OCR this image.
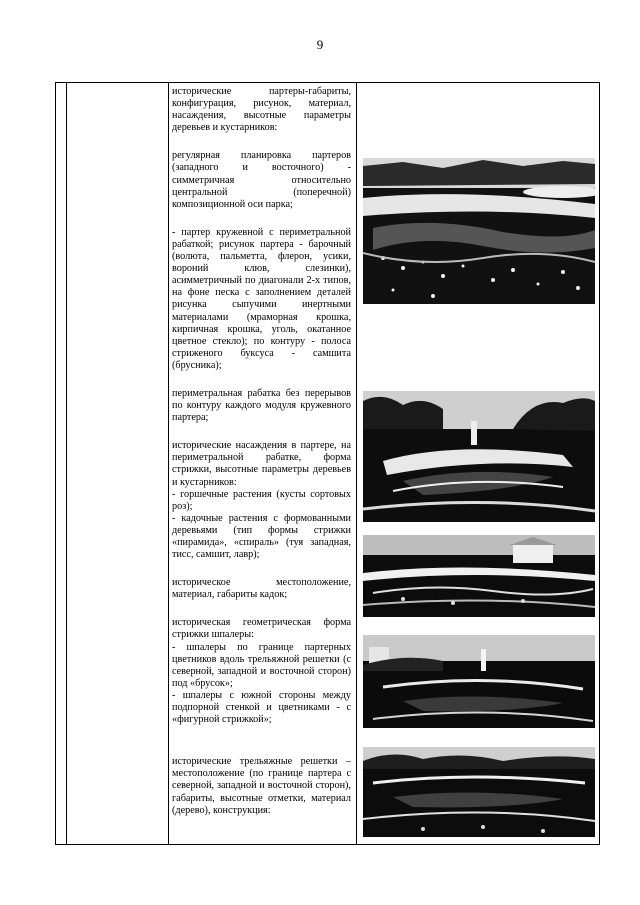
9

исторические партеры-габариты, конфигурация, рисунок, материал, насаждения, высотные параметры деревьев и кустарников:

регулярная планировка партеров (западного и восточного) - симметричная относительно центральной (поперечной) композиционной оси парка;

- партер кружевной с периметральной рабаткой; рисунок партера - барочный (волюта, пальметта, флерон, усики, вороний клюв, слезинки), асимметричный по диагонали 2-х типов, на фоне песка с заполнением деталей рисунка сыпучими инертными материалами (мраморная крошка, кирпичная крошка, уголь, окатанное цветное стекло); по контуру - полоса стриженого буксуса - самшита (брусника);

периметральная рабатка без перерывов по контуру каждого модуля кружевного партера;

исторические насаждения в партере, на периметральной рабатке, форма стрижки, высотные параметры деревьев и кустарников:
- горшечные растения (кусты сортовых роз);
- кадочные растения с формованными деревьями (тип формы стрижки «пирамида», «спираль» (туя западная, тисс, самшит, лавр);

историческое местоположение, материал, габариты кадок;

историческая геометрическая форма стрижки шпалеры:
- шпалеры по границе партерных цветников вдоль трельяжной решетки (с северной, западной и восточной сторон) под «брусок»;
- шпалеры с южной стороны между подпорной стенкой и цветниками - с «фигурной стрижкой»;

исторические трельяжные решетки – местоположение (по границе партера с северной, западной и восточной сторон), габариты, высотные отметки, материал (дерево), конструкция:
